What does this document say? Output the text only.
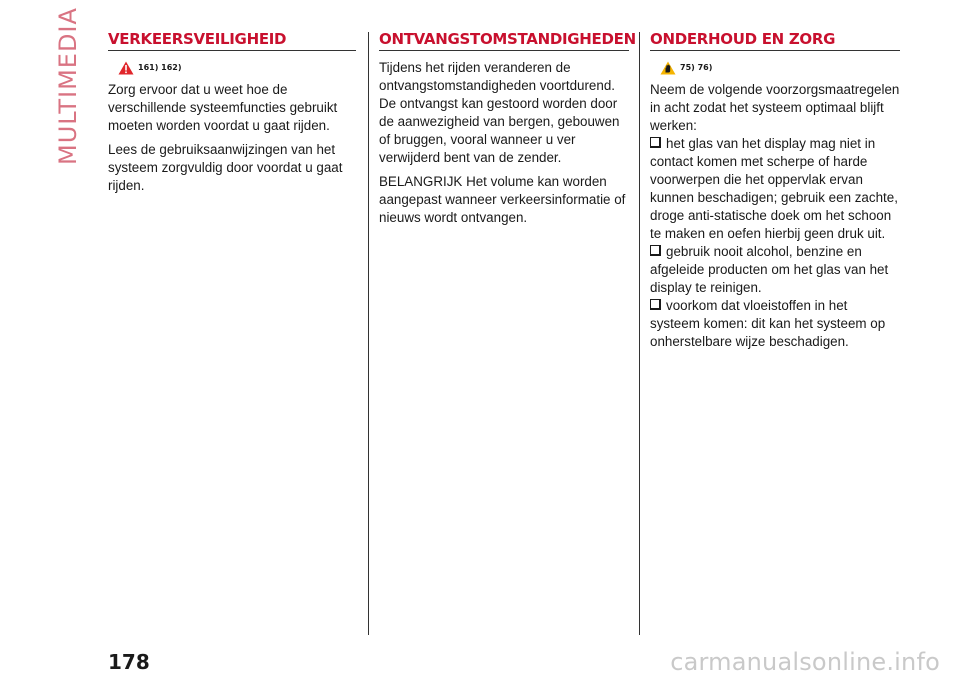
MULTIMEDIA	VERKEERSVEILIGHEID
161) 162)

Zorg ervoor dat u weet hoe de verschillende systeemfuncties gebruikt moeten worden voordat u gaat rijden.

Lees de gebruiksaanwijzingen van het systeem zorgvuldig door voordat u gaat rijden.

ONTVANGSTOMSTANDIGHEDEN

Tijdens het rijden veranderen de ontvangstomstandigheden voortdurend. De ontvangst kan gestoord worden door de aanwezigheid van bergen, gebouwen of bruggen, vooral wanneer u ver verwijderd bent van de zender.

BELANGRIJK Het volume kan worden aangepast wanneer verkeersinformatie of nieuws wordt ontvangen.

ONDERHOUD EN ZORG
75) 76)

Neem de volgende voorzorgsmaatregelen in acht zodat het systeem optimaal blijft werken:

het glas van het display mag niet in contact komen met scherpe of harde voorwerpen die het oppervlak ervan kunnen beschadigen; gebruik een zachte, droge anti-statische doek om het schoon te maken en oefen hierbij geen druk uit.

gebruik nooit alcohol, benzine en afgeleide producten om het glas van het display te reinigen.

voorkom dat vloeistoffen in het systeem komen: dit kan het systeem op onherstelbare wijze beschadigen.

178	carmanualsonline.info
